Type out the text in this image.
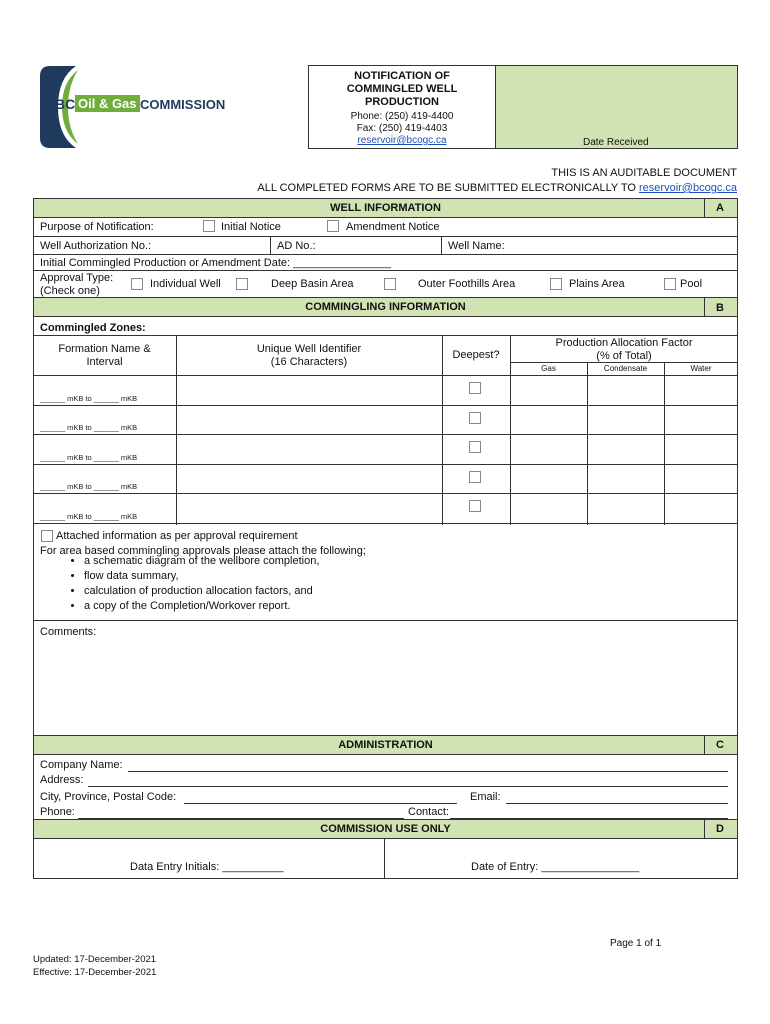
BC Oil & Gas COMMISSION
NOTIFICATION OF
COMMINGLED WELL
PRODUCTION
Phone: (250) 419-4400
Fax: (250) 419-4403
reservoir@bcogc.ca	Date Received
THIS IS AN AUDITABLE DOCUMENT
ALL COMPLETED FORMS ARE TO BE SUBMITTED ELECTRONICALLY TO reservoir@bcogc.ca
WELL INFORMATION	A
Purpose of Notification:	Initial Notice	Amendment Notice
Well Authorization No.:	AD No.:	Well Name:
Initial Commingled Production or Amendment Date: ________________
Approval Type:
(Check one)
Individual Well	Deep Basin Area	Outer Foothills Area	Plains Area	Pool
COMMINGLING INFORMATION	B
Commingled Zones:
Formation Name &
Interval
Unique Well Identifier
(16 Characters)
Deepest?
Production Allocation Factor
(% of Total)
Gas	Condensate	Water
______ mKB to ______ mKB
______ mKB to ______ mKB
______ mKB to ______ mKB
______ mKB to ______ mKB
______ mKB to ______ mKB
Attached information as per approval requirement
For area based commingling approvals please attach the following;
• a schematic diagram of the wellbore completion,
• flow data summary,
• calculation of production allocation factors, and
• a copy of the Completion/Workover report.
Comments:
ADMINISTRATION	C
Company Name:
Address:
City, Province, Postal Code:	Email:
Phone:	Contact:
COMMISSION USE ONLY	D
Data Entry Initials: __________	Date of Entry: ________________
Page 1 of 1
Updated: 17-December-2021
Effective: 17-December-2021
